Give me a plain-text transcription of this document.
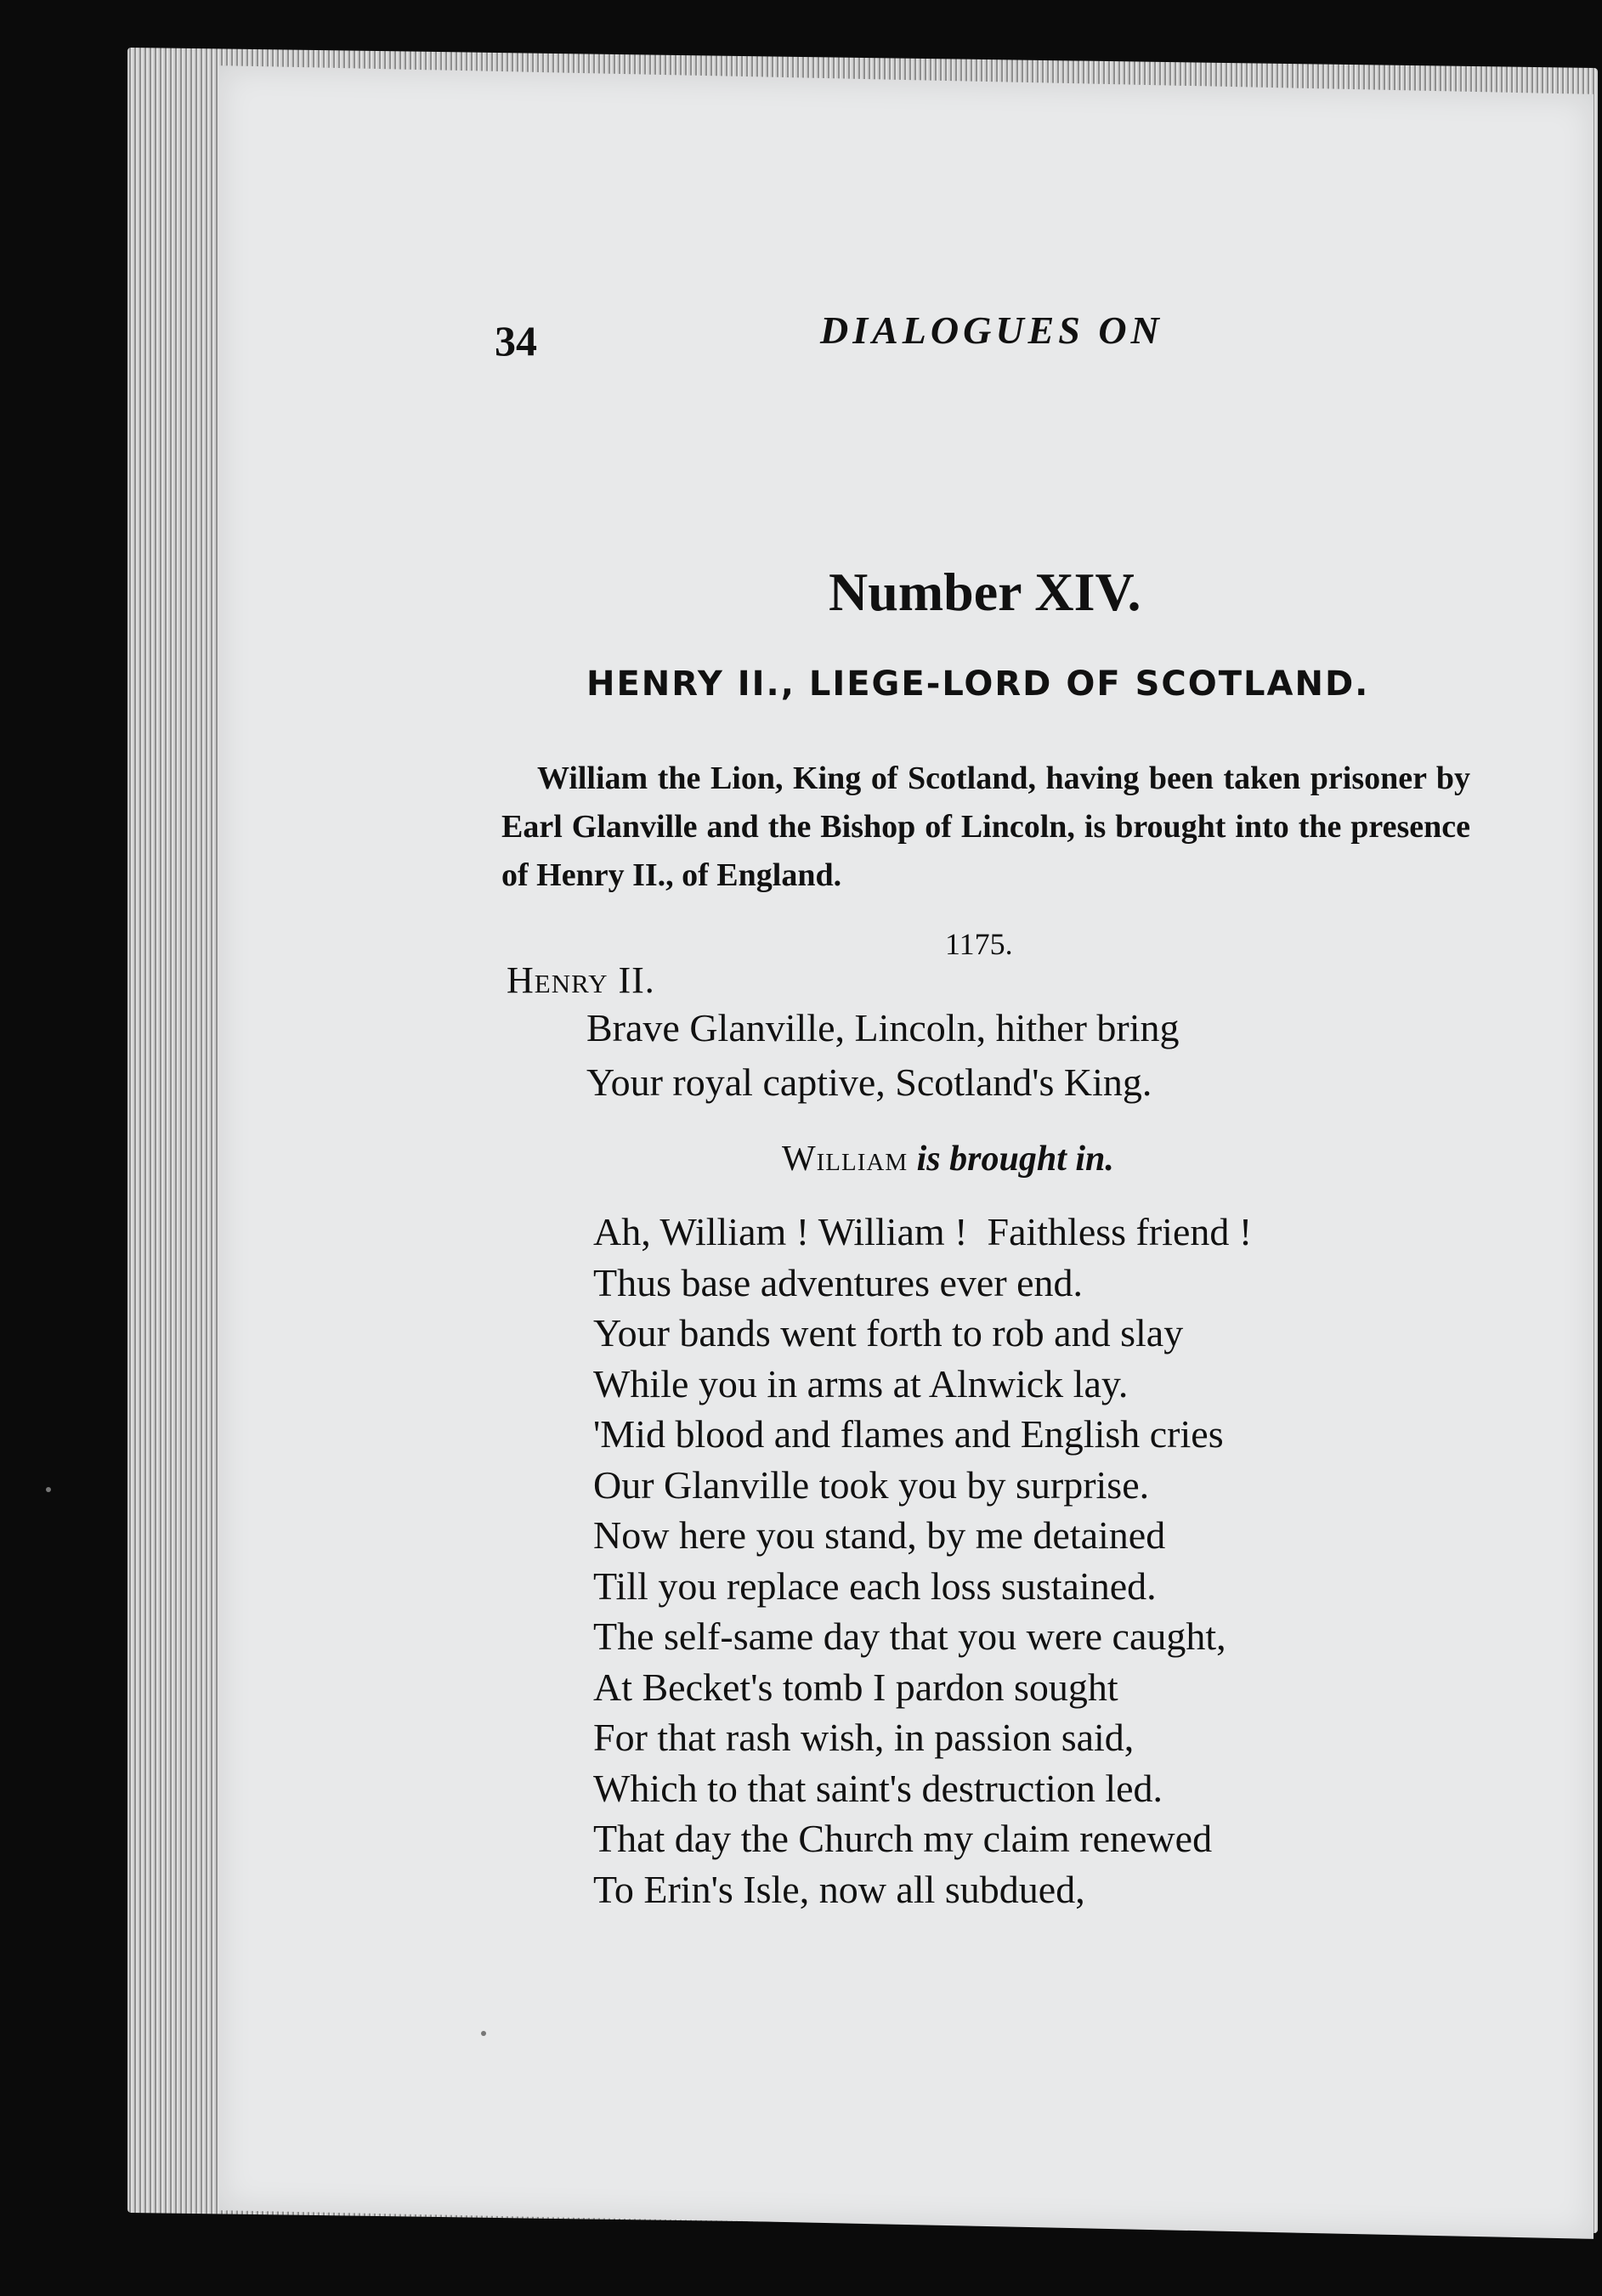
34	DIALOGUES ON
Number XIV.
HENRY II., LIEGE-LORD OF SCOTLAND.
William the Lion, King of Scotland, having been taken prisoner by Earl Glanville and the Bishop of Lincoln, is brought into the presence of Henry II., of England.
1175.
Henry II.
Brave Glanville, Lincoln, hither bring
Your royal captive, Scotland's King.
William is brought in.
Ah, William ! William !  Faithless friend !
Thus base adventures ever end.
Your bands went forth to rob and slay
While you in arms at Alnwick lay.
'Mid blood and flames and English cries
Our Glanville took you by surprise.
Now here you stand, by me detained
Till you replace each loss sustained.
The self-same day that you were caught,
At Becket's tomb I pardon sought
For that rash wish, in passion said,
Which to that saint's destruction led.
That day the Church my claim renewed
To Erin's Isle, now all subdued,
